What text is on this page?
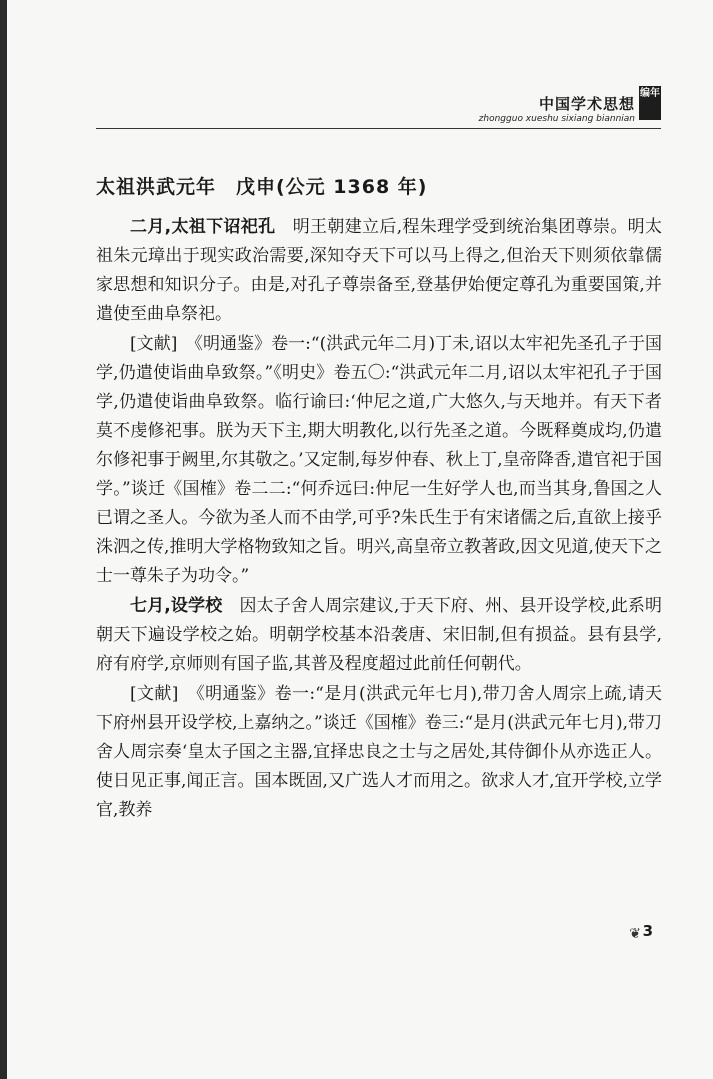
中国学术思想编年
zhongguo xueshu sixiang biannian
太祖洪武元年　戊申(公元 1368 年)

二月,太祖下诏祀孔　明王朝建立后,程朱理学受到统治集团尊崇。明太祖朱元璋出于现实政治需要,深知夺天下可以马上得之,但治天下则须依靠儒家思想和知识分子。由是,对孔子尊崇备至,登基伊始便定尊孔为重要国策,并遣使至曲阜祭祀。

[文献]　《明通鉴》卷一:“(洪武元年二月)丁未,诏以太牢祀先圣孔子于国学,仍遣使诣曲阜致祭。”《明史》卷五〇:“洪武元年二月,诏以太牢祀孔子于国学,仍遣使诣曲阜致祭。临行谕曰:‘仲尼之道,广大悠久,与天地并。有天下者莫不虔修祀事。朕为天下主,期大明教化,以行先圣之道。今既释奠成均,仍遣尔修祀事于阙里,尔其敬之。’又定制,每岁仲春、秋上丁,皇帝降香,遣官祀于国学。”谈迁《国榷》卷二二:“何乔远曰:仲尼一生好学人也,而当其身,鲁国之人已谓之圣人。今欲为圣人而不由学,可乎?朱氏生于有宋诸儒之后,直欲上接乎洙泗之传,推明大学格物致知之旨。明兴,高皇帝立教著政,因文见道,使天下之士一尊朱子为功令。”

七月,设学校　因太子舍人周宗建议,于天下府、州、县开设学校,此系明朝天下遍设学校之始。明朝学校基本沿袭唐、宋旧制,但有损益。县有县学,府有府学,京师则有国子监,其普及程度超过此前任何朝代。

[文献]　《明通鉴》卷一:“是月(洪武元年七月),带刀舍人周宗上疏,请天下府州县开设学校,上嘉纳之。”谈迁《国榷》卷三:“是月(洪武元年七月),带刀舍人周宗奏‘皇太子国之主器,宜择忠良之士与之居处,其侍御仆从亦选正人。使日见正事,闻正言。国本既固,又广选人才而用之。欲求人才,宜开学校,立学官,教养

❦ 3
